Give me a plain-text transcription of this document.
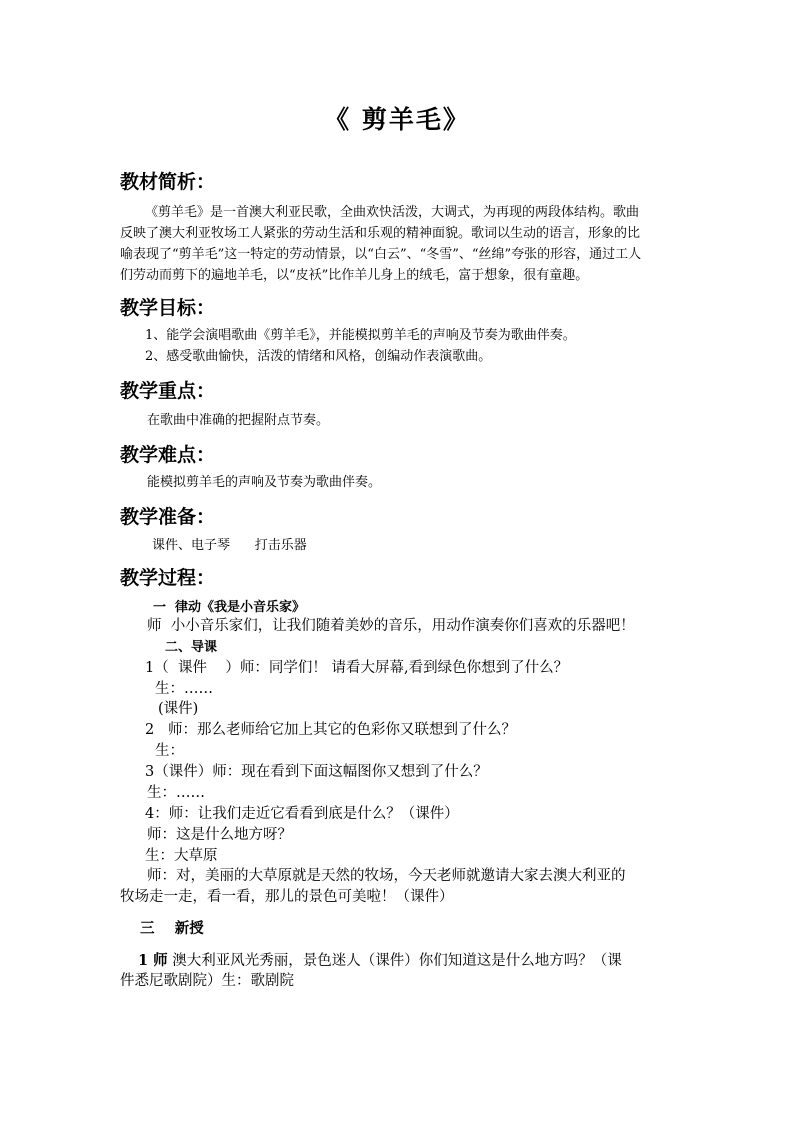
《 剪羊毛》
教材简析：
《剪羊毛》是一首澳大利亚民歌，全曲欢快活泼，大调式，为再现的两段体结构。歌曲
反映了澳大利亚牧场工人紧张的劳动生活和乐观的精神面貌。歌词以生动的语言，形象的比
喻表现了“剪羊毛”这一特定的劳动情景，以“白云”、“冬雪”、“丝绵”夸张的形容，通过工人
们劳动而剪下的遍地羊毛，以“皮袄”比作羊儿身上的绒毛，富于想象，很有童趣。
教学目标：
1、能学会演唱歌曲《剪羊毛》，并能模拟剪羊毛的声响及节奏为歌曲伴奏。
2、感受歌曲愉快，活泼的情绪和风格，创编动作表演歌曲。
教学重点：
在歌曲中准确的把握附点节奏。
教学难点：
能模拟剪羊毛的声响及节奏为歌曲伴奏。
教学准备：
课件、电子琴      打击乐器
教学过程：
一  律动《我是小音乐家》
师  小小音乐家们，让我们随着美妙的音乐，用动作演奏你们喜欢的乐器吧！
二、导课
1（  课件    ）师：同学们！ 请看大屏幕,看到绿色你想到了什么？
生：……
(课件)
2   师：那么老师给它加上其它的色彩你又联想到了什么？
生：
3（课件）师：现在看到下面这幅图你又想到了什么？
生：……
4：师：让我们走近它看看到底是什么？（课件）
师：这是什么地方呀？
生：大草原
师：对，美丽的大草原就是天然的牧场，今天老师就邀请大家去澳大利亚的
牧场走一走，看一看，那儿的景色可美啦！（课件）
三    新授
1 师 澳大利亚风光秀丽，景色迷人（课件）你们知道这是什么地方吗？（课
件悉尼歌剧院）生：歌剧院
